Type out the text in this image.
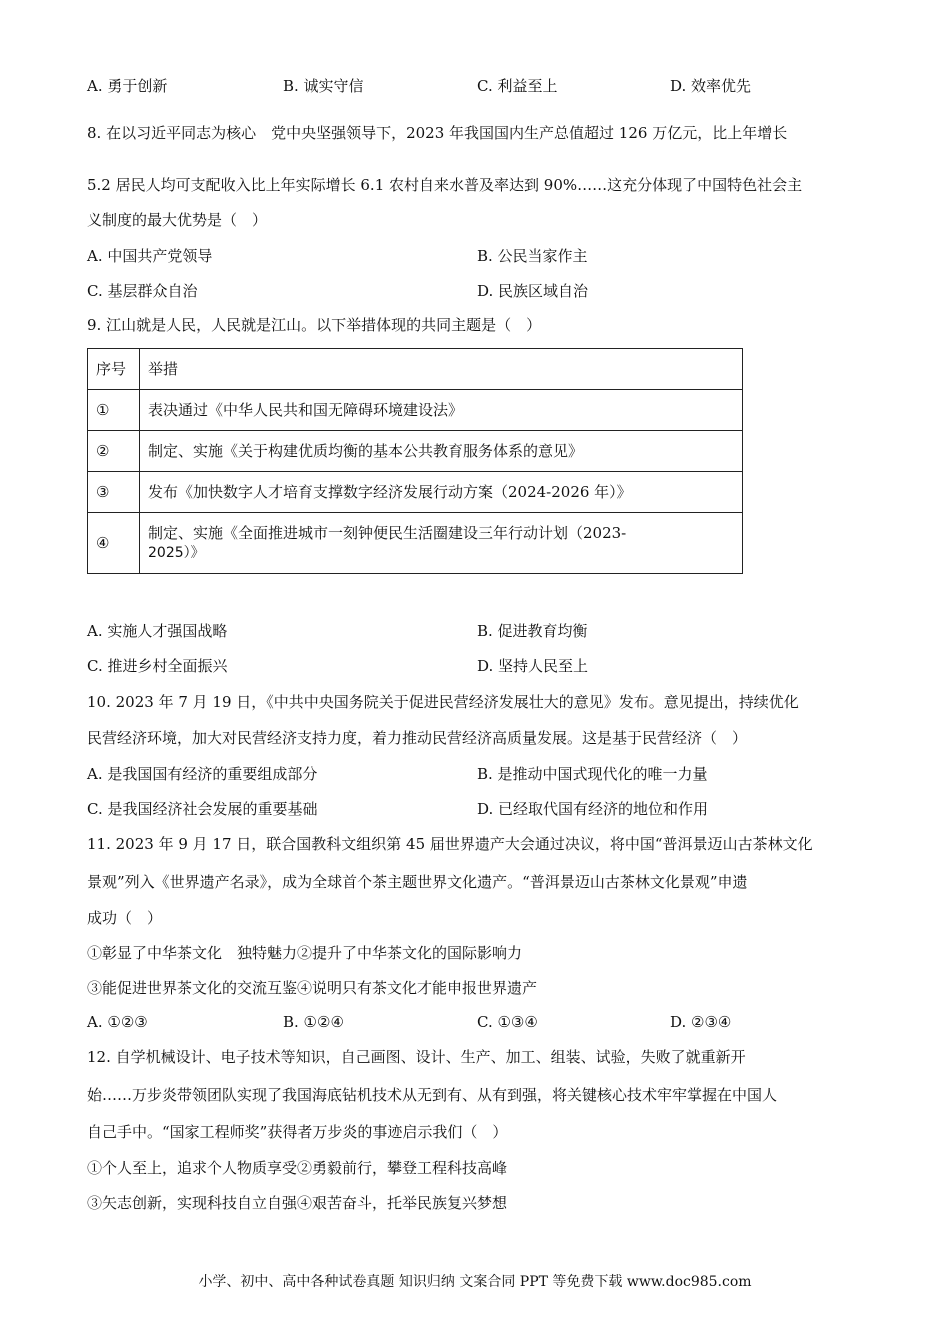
A. 勇于创新	B. 诚实守信	C. 利益至上	D. 效率优先
8. 在以习近平同志为核心　党中央坚强领导下，2023 年我国国内生产总值超过 126 万亿元，比上年增长
5.2 居民人均可支配收入比上年实际增长 6.1 农村自来水普及率达到 90%……这充分体现了中国特色社会主
义制度的最大优势是（　）
A. 中国共产党领导	B. 公民当家作主
C. 基层群众自治	D. 民族区域自治
9. 江山就是人民，人民就是江山。以下举措体现的共同主题是（　）
序号	举措
①	表决通过《中华人民共和国无障碍环境建设法》
②	制定、实施《关于构建优质均衡的基本公共教育服务体系的意见》
③	发布《加快数字人才培育支撑数字经济发展行动方案（2024-2026 年）》
④	制定、实施《全面推进城市一刻钟便民生活圈建设三年行动计划（2023-
2025）》
A. 实施人才强国战略	B. 促进教育均衡
C. 推进乡村全面振兴	D. 坚持人民至上
10. 2023 年 7 月 19 日，《中共中央国务院关于促进民营经济发展壮大的意见》发布。意见提出，持续优化
民营经济环境，加大对民营经济支持力度，着力推动民营经济高质量发展。这是基于民营经济（　）
A. 是我国国有经济的重要组成部分	B. 是推动中国式现代化的唯一力量
C. 是我国经济社会发展的重要基础	D. 已经取代国有经济的地位和作用
11. 2023 年 9 月 17 日，联合国教科文组织第 45 届世界遗产大会通过决议，将中国“普洱景迈山古茶林文化
景观”列入《世界遗产名录》，成为全球首个茶主题世界文化遗产。“普洱景迈山古茶林文化景观”申遗
成功（　）
①彰显了中华茶文化　独特魅力②提升了中华茶文化的国际影响力
③能促进世界茶文化的交流互鉴④说明只有茶文化才能申报世界遗产
A. ①②③	B. ①②④	C. ①③④	D. ②③④
12. 自学机械设计、电子技术等知识，自己画图、设计、生产、加工、组装、试验，失败了就重新开
始……万步炎带领团队实现了我国海底钻机技术从无到有、从有到强，将关键核心技术牢牢掌握在中国人
自己手中。“国家工程师奖”获得者万步炎的事迹启示我们（　）
①个人至上，追求个人物质享受②勇毅前行，攀登工程科技高峰
③矢志创新，实现科技自立自强④艰苦奋斗，托举民族复兴梦想
小学、初中、高中各种试卷真题 知识归纳 文案合同 PPT 等免费下载 www.doc985.com
